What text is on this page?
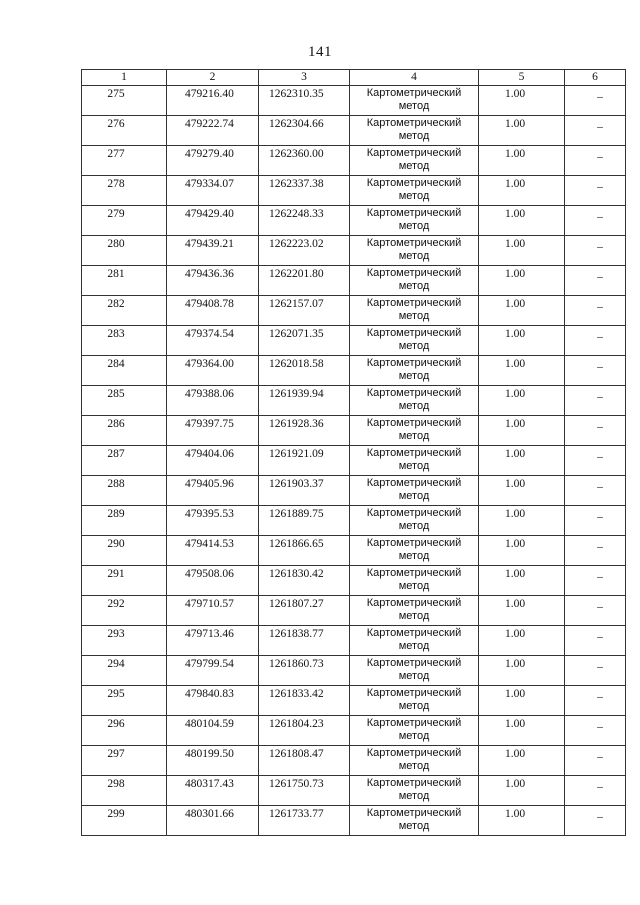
141
1	2	3	4	5	6

275	479216.40	1262310.35	Картометрический
метод	1.00	–

276	479222.74	1262304.66	Картометрический
метод	1.00	–

277	479279.40	1262360.00	Картометрический
метод	1.00	–

278	479334.07	1262337.38	Картометрический
метод	1.00	–

279	479429.40	1262248.33	Картометрический
метод	1.00	–

280	479439.21	1262223.02	Картометрический
метод	1.00	–

281	479436.36	1262201.80	Картометрический
метод	1.00	–

282	479408.78	1262157.07	Картометрический
метод	1.00	–

283	479374.54	1262071.35	Картометрический
метод	1.00	–

284	479364.00	1262018.58	Картометрический
метод	1.00	–

285	479388.06	1261939.94	Картометрический
метод	1.00	–

286	479397.75	1261928.36	Картометрический
метод	1.00	–

287	479404.06	1261921.09	Картометрический
метод	1.00	–

288	479405.96	1261903.37	Картометрический
метод	1.00	–

289	479395.53	1261889.75	Картометрический
метод	1.00	–

290	479414.53	1261866.65	Картометрический
метод	1.00	–

291	479508.06	1261830.42	Картометрический
метод	1.00	–

292	479710.57	1261807.27	Картометрический
метод	1.00	–

293	479713.46	1261838.77	Картометрический
метод	1.00	–

294	479799.54	1261860.73	Картометрический
метод	1.00	–

295	479840.83	1261833.42	Картометрический
метод	1.00	–

296	480104.59	1261804.23	Картометрический
метод	1.00	–

297	480199.50	1261808.47	Картометрический
метод	1.00	–

298	480317.43	1261750.73	Картометрический
метод	1.00	–

299	480301.66	1261733.77	Картометрический
метод	1.00	–
